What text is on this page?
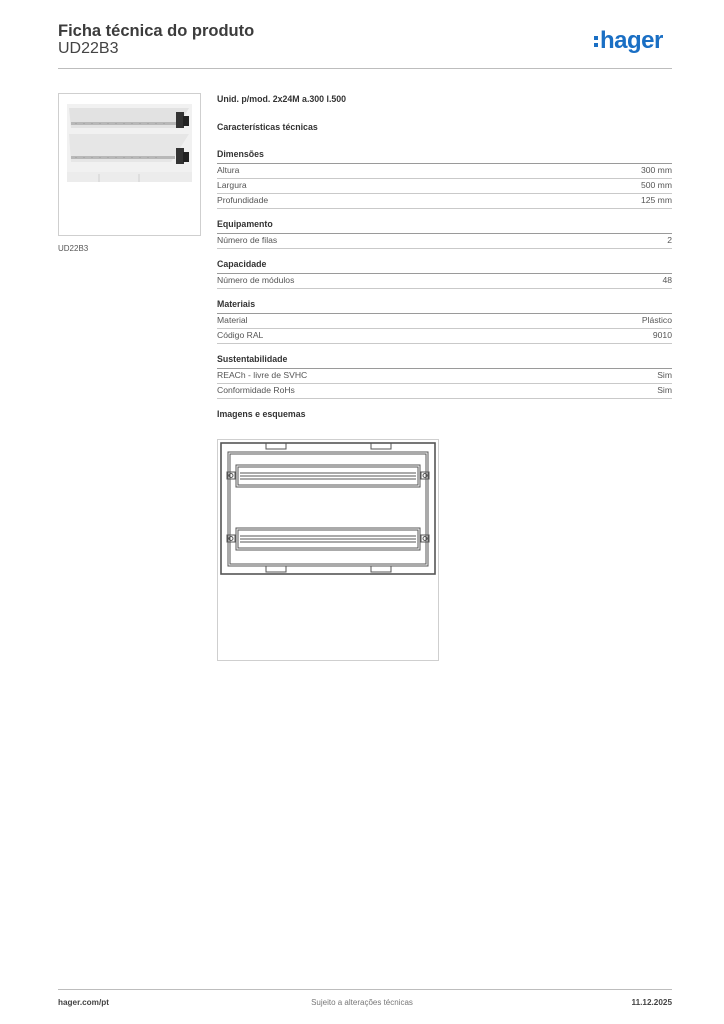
Ficha técnica do produto
UD22B3	hager
UD22B3
Unid. p/mod. 2x24M a.300 l.500
Características técnicas
Dimensões
Altura	300 mm
Largura	500 mm
Profundidade	125 mm
Equipamento
Número de filas	2
Capacidade
Número de módulos	48
Materiais
Material	Plástico
Código RAL	9010
Sustentabilidade
REACh - livre de SVHC	Sim
Conformidade RoHs	Sim
Imagens e esquemas
hager.com/pt	Sujeito a alterações técnicas	11.12.2025
